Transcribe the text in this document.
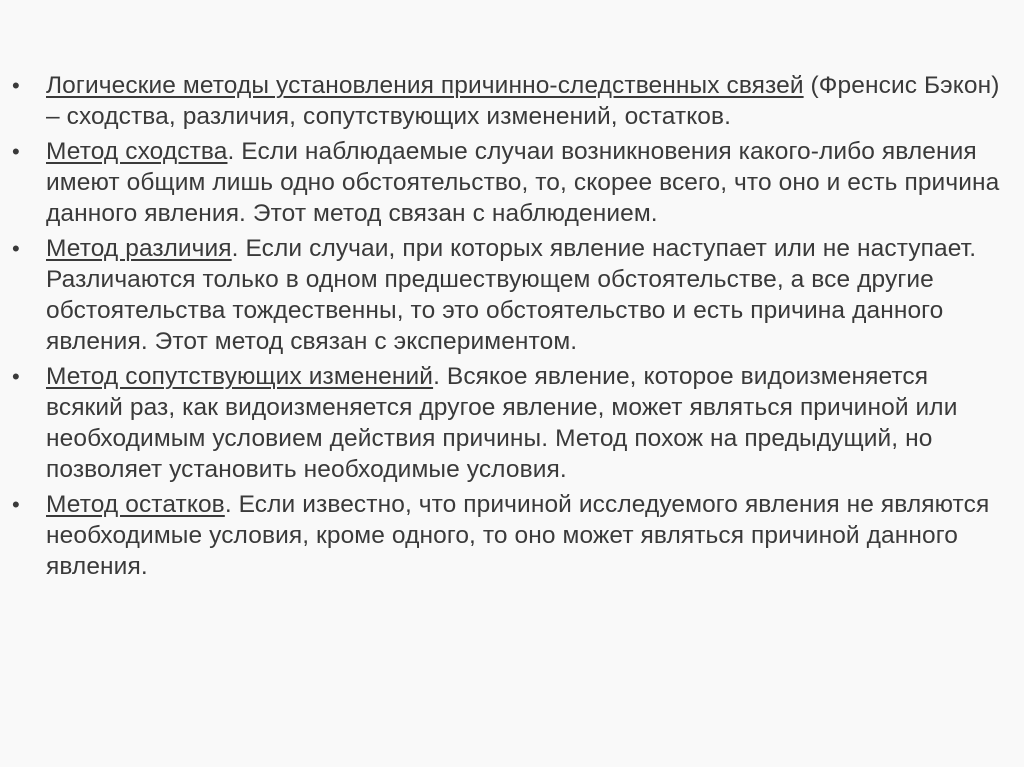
•	Логические методы установления причинно-следственных связей (Френсис Бэкон) – сходства, различия, сопутствующих изменений, остатков.
•	Метод сходства. Если наблюдаемые случаи возникновения какого-либо явления имеют общим лишь одно обстоятельство, то, скорее всего, что оно и есть причина данного явления. Этот метод связан с наблюдением.
•	Метод различия. Если случаи, при которых явление наступает или не наступает. Различаются только в одном предшествующем обстоятельстве, а все другие обстоятельства тождественны, то это обстоятельство и есть причина данного явления. Этот метод связан с экспериментом.
•	Метод сопутствующих изменений. Всякое явление, которое видоизменяется всякий раз, как видоизменяется другое явление, может являться причиной или необходимым условием действия причины. Метод похож на предыдущий, но позволяет установить необходимые условия.
•	Метод остатков. Если известно, что причиной исследуемого явления не являются необходимые условия, кроме одного, то оно может являться причиной данного явления.
